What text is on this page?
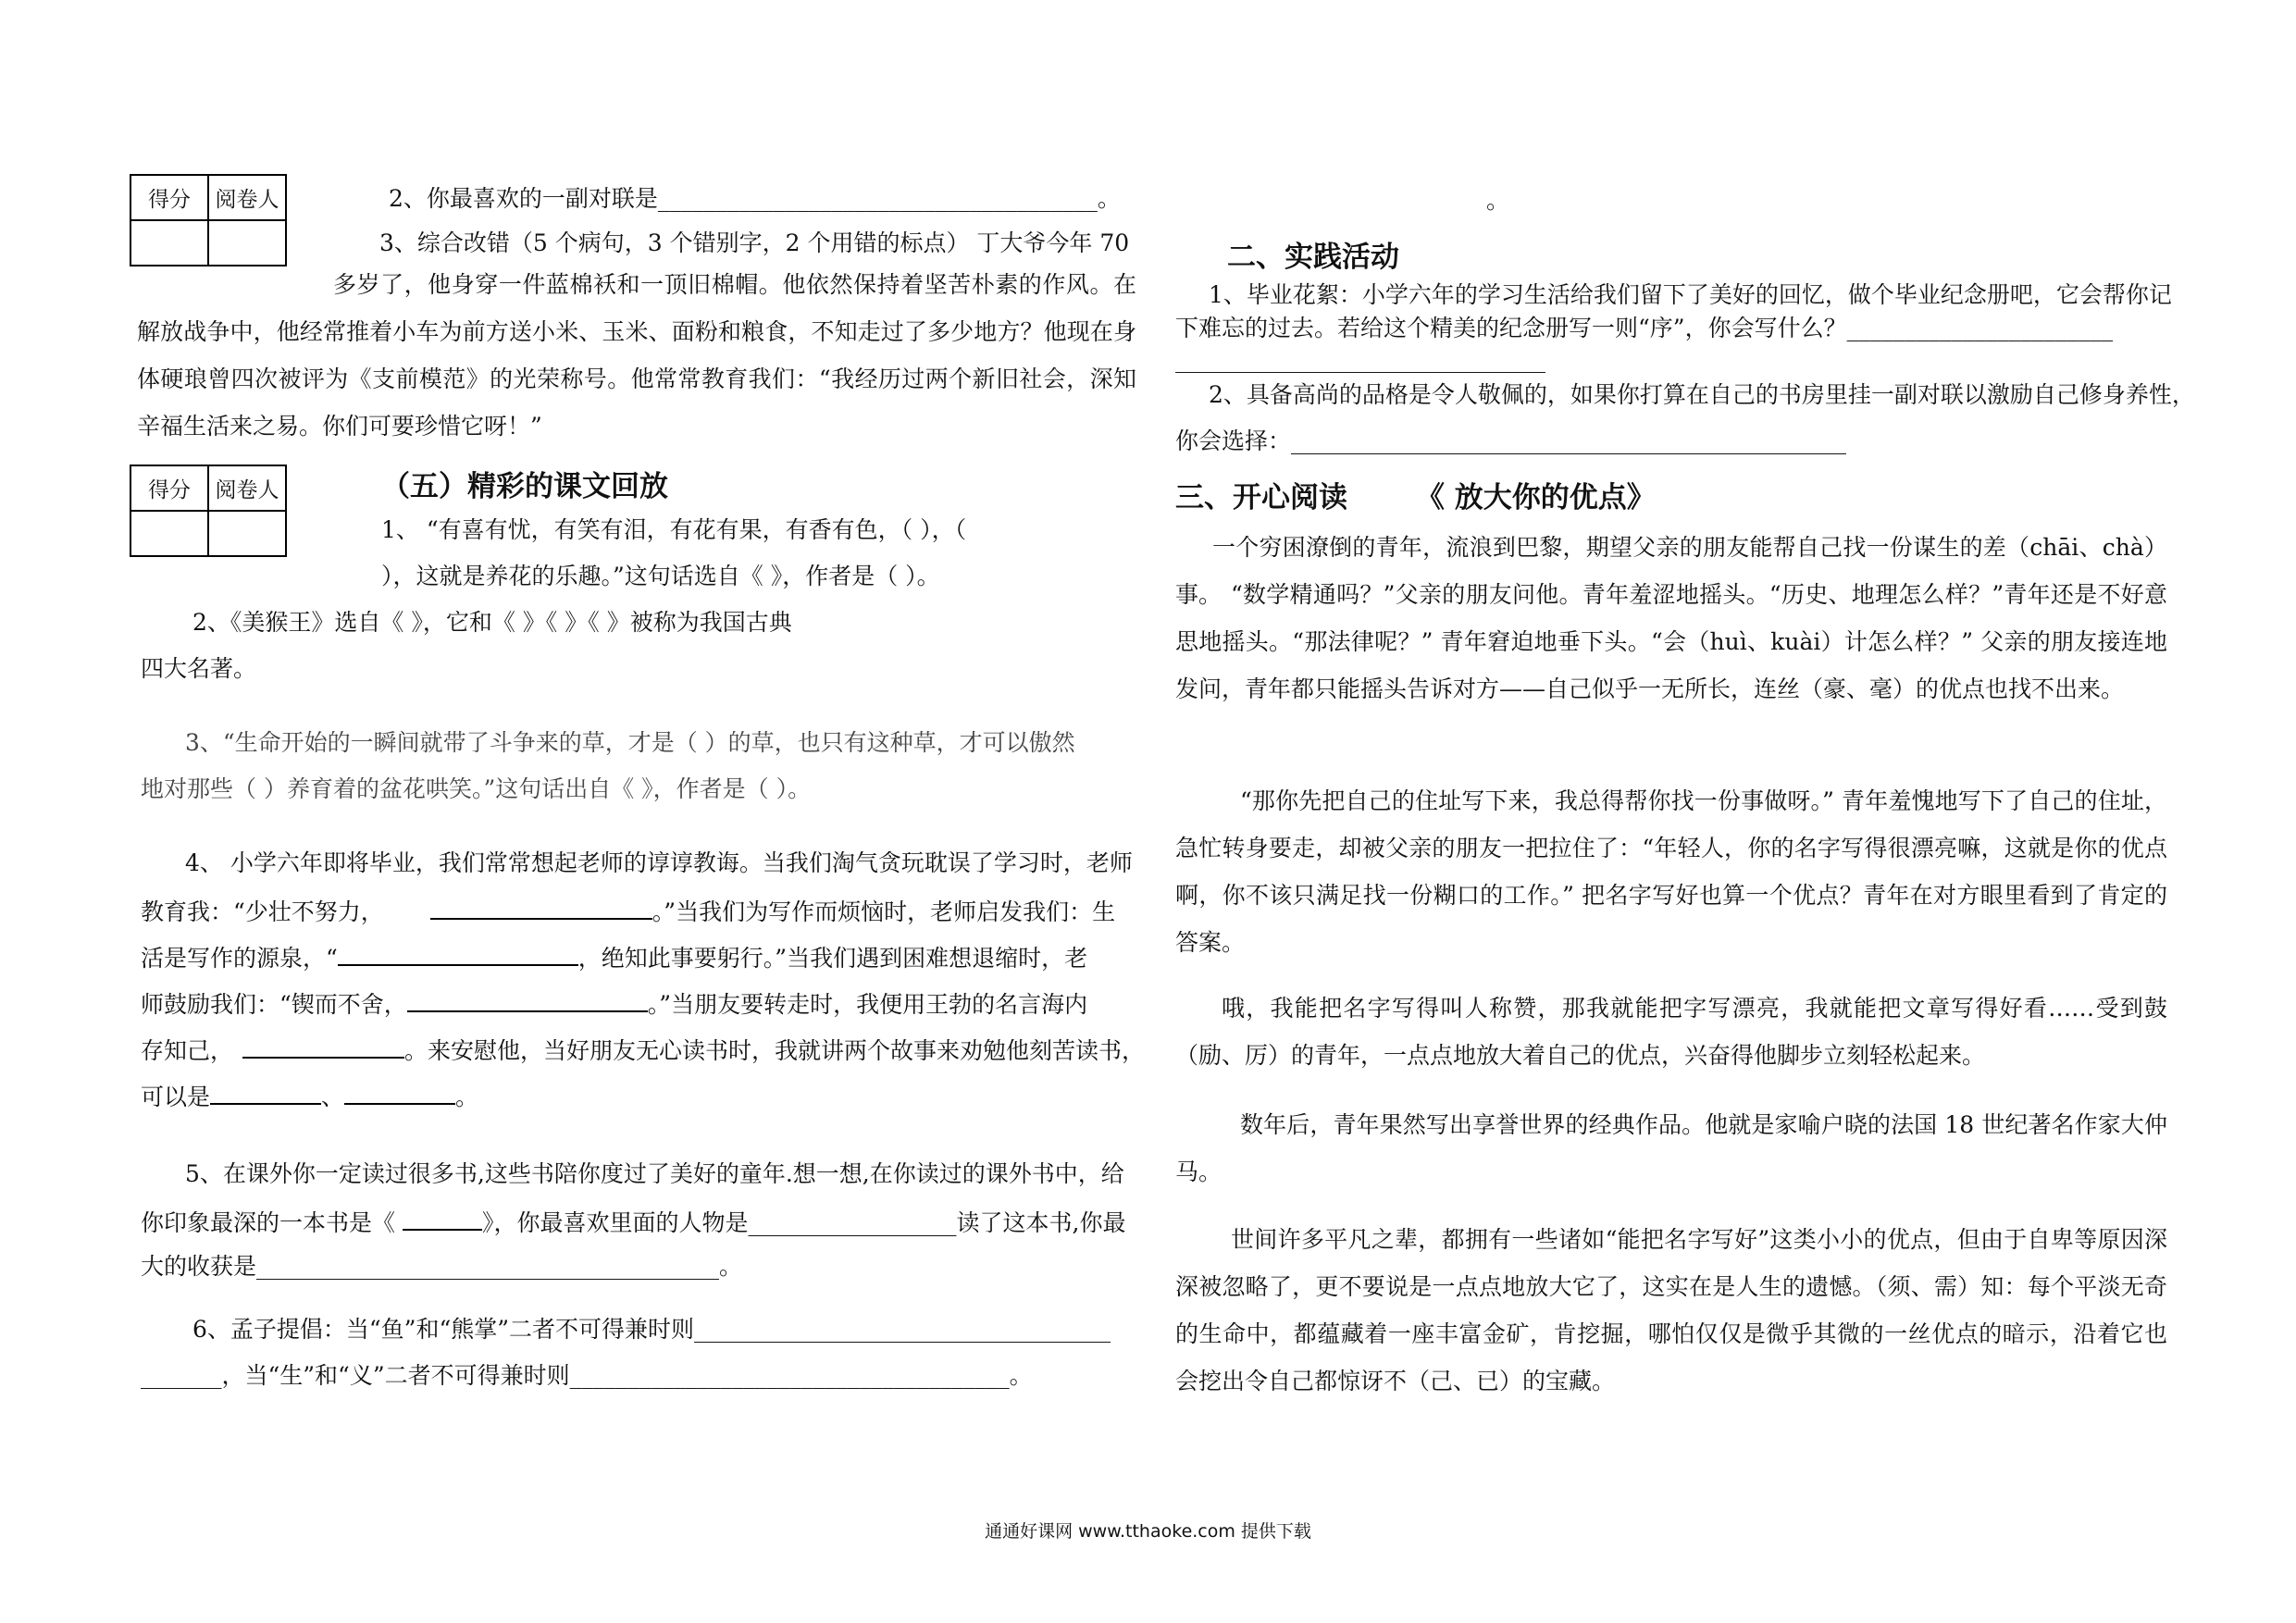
得分	阅卷人
		2、你最喜欢的一副对联是______________________________________。
3、综合改错（5 个病句，3 个错别字，2 个用错的标点） 丁大爷今年 70
多岁了，他身穿一件蓝棉袄和一顶旧棉帽。他依然保持着坚苦朴素的作风。在解放战争中，他经常推着小车为前方送小米、玉米、面粉和粮食，不知走过了多少地方？他现在身体硬琅曾四次被评为《支前模范》的光荣称号。他常常教育我们：“我经历过两个新旧社会，深知辛福生活来之易。你们可要珍惜它呀！”
得分	阅卷人
		（五）精彩的课文回放
1、 “有喜有忧，有笑有泪，有花有果，有香有色，（ ），（
），这就是养花的乐趣。”这句话选自《 》，作者是（ ）。
2、《美猴王》选自《 》，它和《 》《 》《 》被称为我国古典
四大名著。
3、“生命开始的一瞬间就带了斗争来的草，才是（ ）的草，也只有这种草，才可以傲然
地对那些（ ）养育着的盆花哄笑。”这句话出自《 》，作者是（ ）。
4、 小学六年即将毕业，我们常常想起老师的谆谆教诲。当我们淘气贪玩耽误了学习时，老师
教育我：“少壮不努力，	。”当我们为写作而烦恼时，老师启发我们：生
活是写作的源泉，“	，绝知此事要躬行。”当我们遇到困难想退缩时，老
师鼓励我们：“锲而不舍，	。”当朋友要转走时，我便用王勃的名言海内
存知己，	。来安慰他，当好朋友无心读书时，我就讲两个故事来劝勉他刻苦读书，
可以是	、	。
5、在课外你一定读过很多书,这些书陪你度过了美好的童年.想一想,在你读过的课外书中，给
你印象最深的一本书是《	》，你最喜欢里面的人物是__________________读了这本书,你最
大的收获是________________________________________。
6、孟子提倡：当“鱼”和“熊掌”二者不可得兼时则____________________________________
_______，当“生”和“义”二者不可得兼时则______________________________________。
。
二、实践活动
1、毕业花絮：小学六年的学习生活给我们留下了美好的回忆，做个毕业纪念册吧，它会帮你记
下难忘的过去。若给这个精美的纪念册写一则“序”，你会写什么？_______________________
________________________________
2、具备高尚的品格是令人敬佩的，如果你打算在自己的书房里挂一副对联以激励自己修身养性，
你会选择：________________________________________________
三、开心阅读 《 放大你的优点》
一个穷困潦倒的青年，流浪到巴黎，期望父亲的朋友能帮自己找一份谋生的差（chāi、chà）事。 “数学精通吗？”父亲的朋友问他。青年羞涩地摇头。“历史、地理怎么样？”青年还是不好意思地摇头。“那法律呢？” 青年窘迫地垂下头。“会（huì、kuài）计怎么样？” 父亲的朋友接连地发问，青年都只能摇头告诉对方——自己似乎一无所长，连丝（豪、毫）的优点也找不出来。
“那你先把自己的住址写下来，我总得帮你找一份事做呀。” 青年羞愧地写下了自己的住址，急忙转身要走，却被父亲的朋友一把拉住了：“年轻人，你的名字写得很漂亮嘛，这就是你的优点啊，你不该只满足找一份糊口的工作。” 把名字写好也算一个优点？青年在对方眼里看到了肯定的答案。
哦，我能把名字写得叫人称赞，那我就能把字写漂亮，我就能把文章写得好看……受到鼓（励、厉）的青年，一点点地放大着自己的优点，兴奋得他脚步立刻轻松起来。
数年后，青年果然写出享誉世界的经典作品。他就是家喻户晓的法国 18 世纪著名作家大仲马。
世间许多平凡之辈，都拥有一些诸如“能把名字写好”这类小小的优点，但由于自卑等原因深深被忽略了，更不要说是一点点地放大它了，这实在是人生的遗憾。（须、需）知：每个平淡无奇的生命中，都蕴藏着一座丰富金矿，肯挖掘，哪怕仅仅是微乎其微的一丝优点的暗示，沿着它也会挖出令自己都惊讶不（己、已）的宝藏。
通通好课网 www.tthaoke.com 提供下载
